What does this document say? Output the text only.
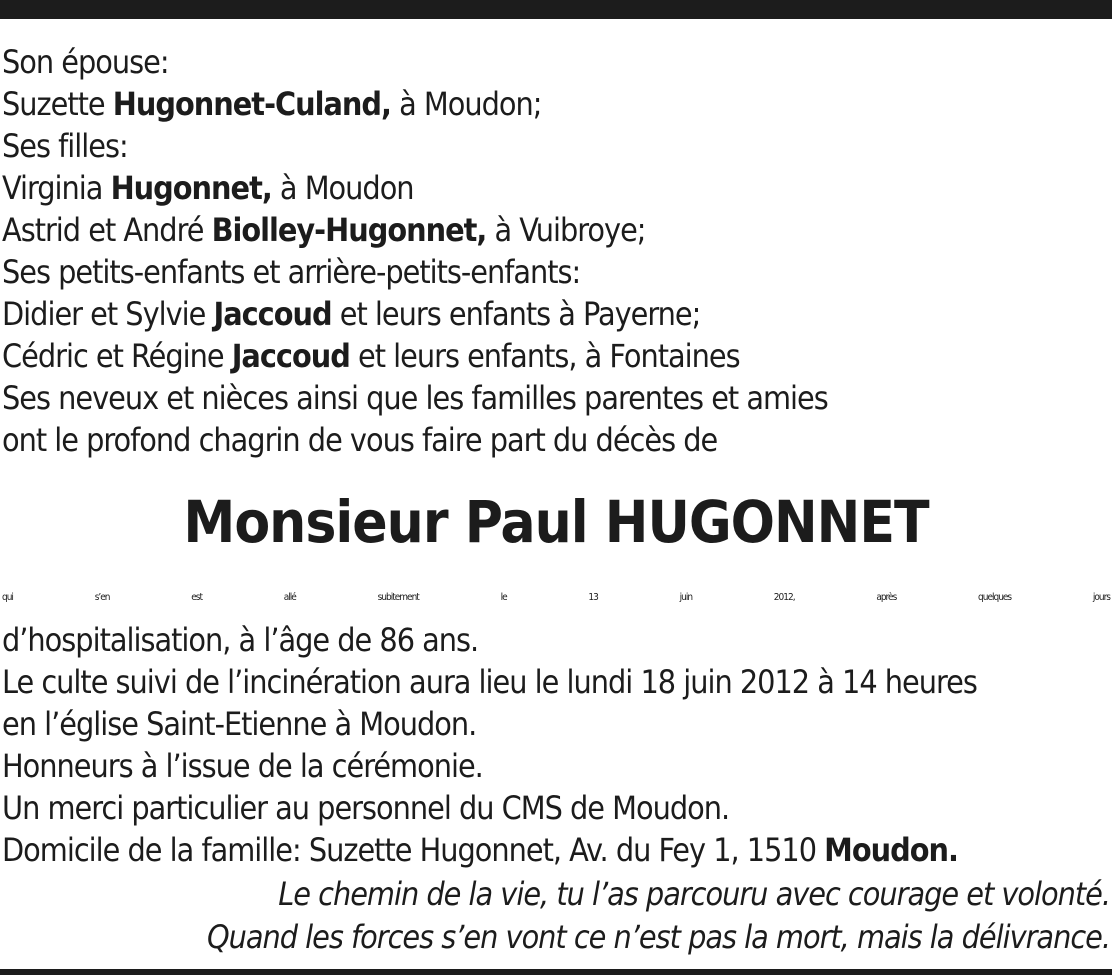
Son épouse:
Suzette Hugonnet-Culand, à Moudon;
Ses filles:
Virginia Hugonnet, à Moudon
Astrid et André Biolley-Hugonnet, à Vuibroye;
Ses petits-enfants et arrière-petits-enfants:
Didier et Sylvie Jaccoud et leurs enfants à Payerne;
Cédric et Régine Jaccoud et leurs enfants, à Fontaines
Ses neveux et nièces ainsi que les familles parentes et amies
ont le profond chagrin de vous faire part du décès de
Monsieur Paul HUGONNET
qui s’en est allé subitement le 13 juin 2012, après quelques jours
d’hospitalisation, à l’âge de 86 ans.
Le culte suivi de l’incinération aura lieu le lundi 18 juin 2012 à 14 heures
en l’église Saint-Etienne à Moudon.
Honneurs à l’issue de la cérémonie.
Un merci particulier au personnel du CMS de Moudon.
Domicile de la famille: Suzette Hugonnet, Av. du Fey 1, 1510 Moudon.
Le chemin de la vie, tu l’as parcouru avec courage et volonté.
Quand les forces s’en vont ce n’est pas la mort, mais la délivrance.
